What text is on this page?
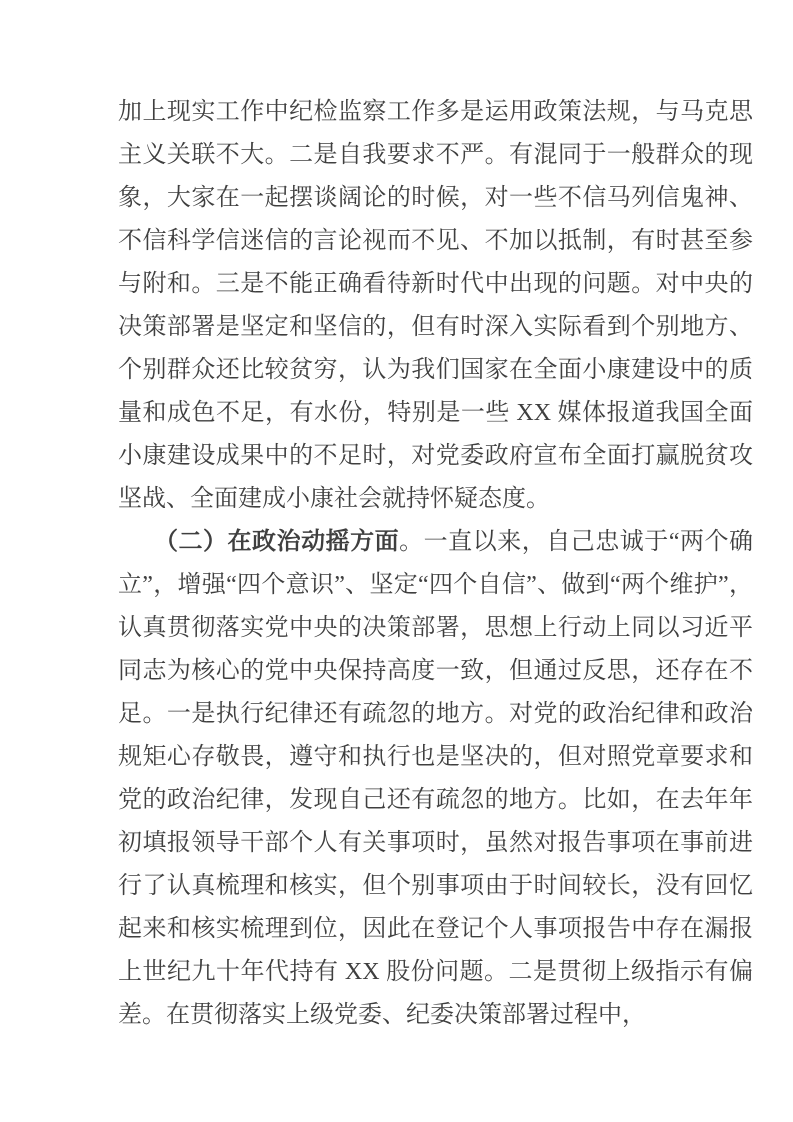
加上现实工作中纪检监察工作多是运用政策法规，与马克思主义关联不大。二是自我要求不严。有混同于一般群众的现象，大家在一起摆谈阔论的时候，对一些不信马列信鬼神、不信科学信迷信的言论视而不见、不加以抵制，有时甚至参与附和。三是不能正确看待新时代中出现的问题。对中央的决策部署是坚定和坚信的，但有时深入实际看到个别地方、个别群众还比较贫穷，认为我们国家在全面小康建设中的质量和成色不足，有水份，特别是一些 XX 媒体报道我国全面小康建设成果中的不足时，对党委政府宣布全面打赢脱贫攻坚战、全面建成小康社会就持怀疑态度。

（二）在政治动摇方面。一直以来，自己忠诚于“两个确立”，增强“四个意识”、坚定“四个自信”、做到“两个维护”，认真贯彻落实党中央的决策部署，思想上行动上同以习近平同志为核心的党中央保持高度一致，但通过反思，还存在不足。一是执行纪律还有疏忽的地方。对党的政治纪律和政治规矩心存敬畏，遵守和执行也是坚决的，但对照党章要求和党的政治纪律，发现自己还有疏忽的地方。比如，在去年年初填报领导干部个人有关事项时，虽然对报告事项在事前进行了认真梳理和核实，但个别事项由于时间较长，没有回忆起来和核实梳理到位，因此在登记个人事项报告中存在漏报上世纪九十年代持有 XX 股份问题。二是贯彻上级指示有偏差。在贯彻落实上级党委、纪委决策部署过程中，
